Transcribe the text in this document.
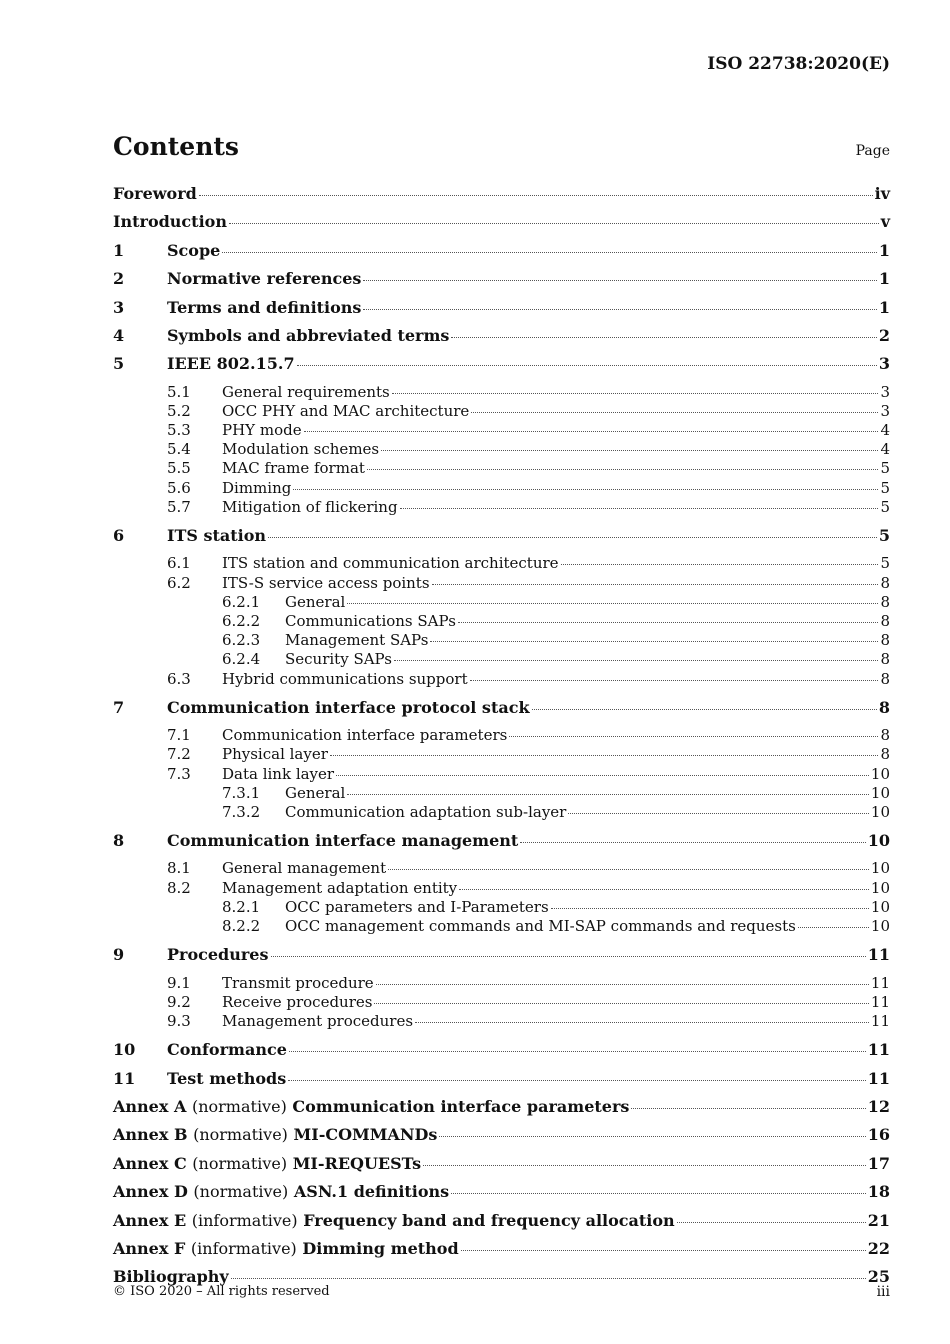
ISO 22738:2020(E)
Contents	Page
Foreword	iv
Introduction	v
1	Scope	1
2	Normative references	1
3	Terms and definitions	1
4	Symbols and abbreviated terms	2
5	IEEE 802.15.7	3
5.1	General requirements	3
5.2	OCC PHY and MAC architecture	3
5.3	PHY mode	4
5.4	Modulation schemes	4
5.5	MAC frame format	5
5.6	Dimming	5
5.7	Mitigation of flickering	5
6	ITS station	5
6.1	ITS station and communication architecture	5
6.2	ITS-S service access points	8
6.2.1	General	8
6.2.2	Communications SAPs	8
6.2.3	Management SAPs	8
6.2.4	Security SAPs	8
6.3	Hybrid communications support	8
7	Communication interface protocol stack	8
7.1	Communication interface parameters	8
7.2	Physical layer	8
7.3	Data link layer	10
7.3.1	General	10
7.3.2	Communication adaptation sub-layer	10
8	Communication interface management	10
8.1	General management	10
8.2	Management adaptation entity	10
8.2.1	OCC parameters and I-Parameters	10
8.2.2	OCC management commands and MI-SAP commands and requests	10
9	Procedures	11
9.1	Transmit procedure	11
9.2	Receive procedures	11
9.3	Management procedures	11
10	Conformance	11
11	Test methods	11
Annex A (normative) Communication interface parameters	12
Annex B (normative) MI-COMMANDs	16
Annex C (normative) MI-REQUESTs	17
Annex D (normative) ASN.1 definitions	18
Annex E (informative) Frequency band and frequency allocation	21
Annex F (informative) Dimming method	22
Bibliography	25
© ISO 2020 – All rights reserved	iii
